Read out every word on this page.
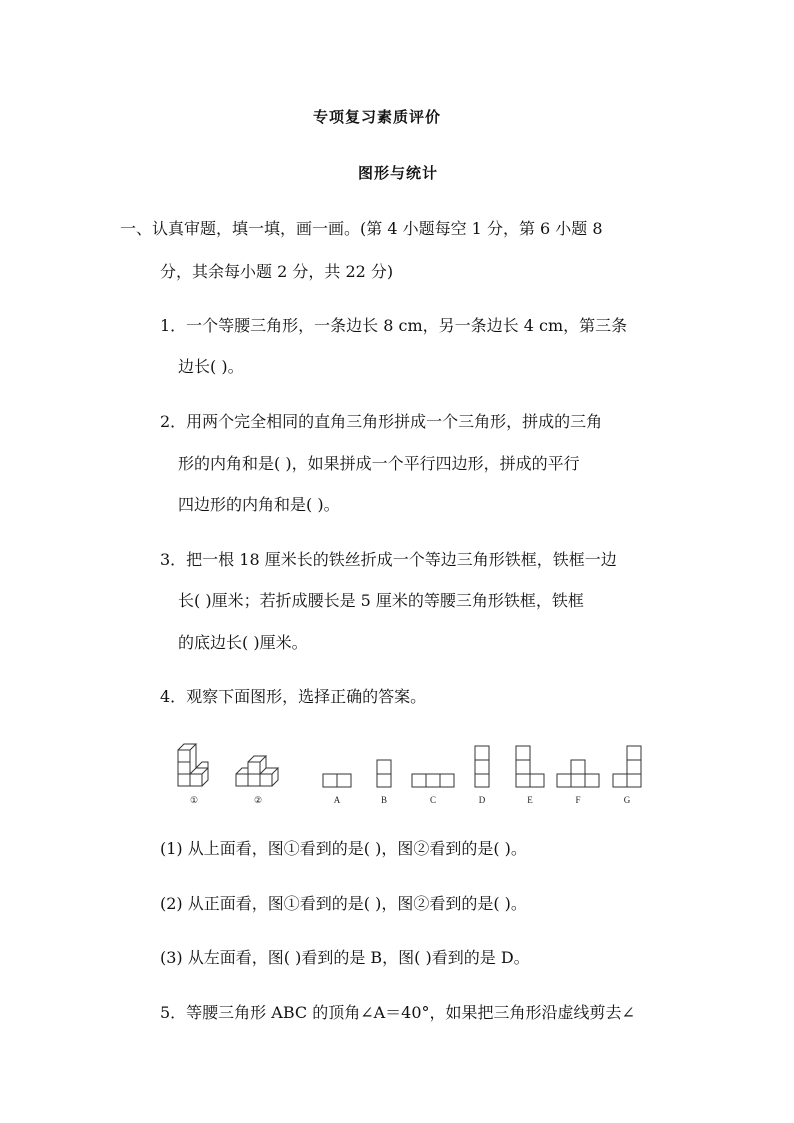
专项复习素质评价
图形与统计
一、认真审题，填一填，画一画。(第 4 小题每空 1 分，第 6 小题 8
分，其余每小题 2 分，共 22 分)
1．一个等腰三角形，一条边长 8 cm，另一条边长 4 cm，第三条
边长( )。
2．用两个完全相同的直角三角形拼成一个三角形，拼成的三角
形的内角和是( )，如果拼成一个平行四边形，拼成的平行
四边形的内角和是( )。
3．把一根 18 厘米长的铁丝折成一个等边三角形铁框，铁框一边
长( )厘米；若折成腰长是 5 厘米的等腰三角形铁框，铁框
的底边长( )厘米。
4．观察下面图形，选择正确的答案。
①	②	A	B	C	D	E	F	G
(1) 从上面看，图①看到的是( )，图②看到的是( )。
(2) 从正面看，图①看到的是( )，图②看到的是( )。
(3) 从左面看，图( )看到的是 B，图( )看到的是 D。
5．等腰三角形 ABC 的顶角∠A＝40°，如果把三角形沿虚线剪去∠
